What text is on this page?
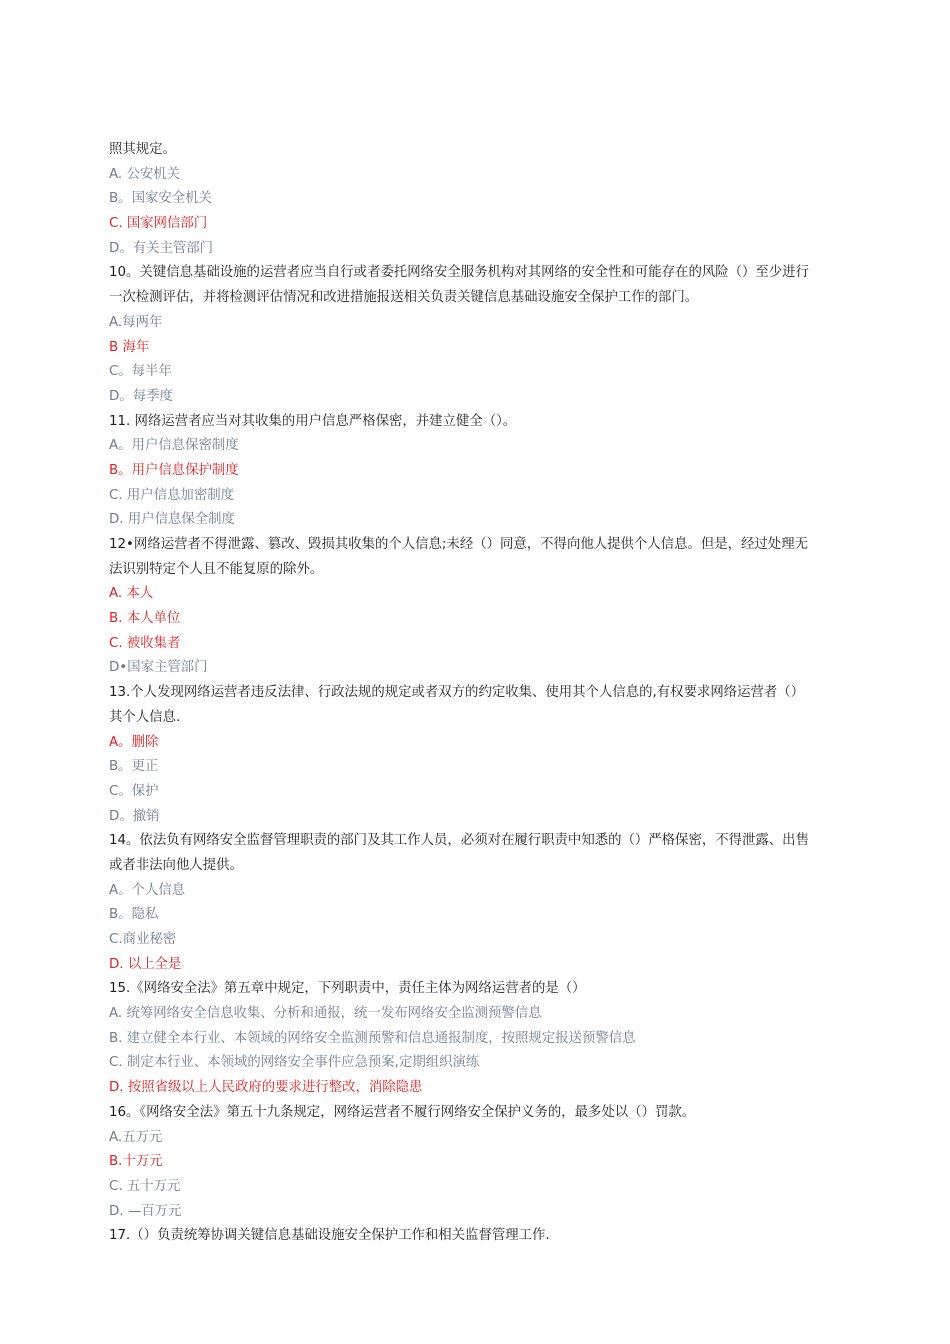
照其规定。
A. 公安机关
B。国家安全机关
C. 国家网信部门
D。有关主管部门
10。关键信息基础设施的运营者应当自行或者委托网络安全服务机构对其网络的安全性和可能存在的风险（）至少进行
一次检测评估，并将检测评估情况和改进措施报送相关负责关键信息基础设施安全保护工作的部门。
A.每两年
B 海年
C。每半年
D。每季度
11. 网络运营者应当对其收集的用户信息严格保密，并建立健全（）。
A。用户信息保密制度
B。用户信息保护制度
C. 用户信息加密制度
D. 用户信息保全制度
12•网络运营者不得泄露、篡改、毁损其收集的个人信息;未经（）同意，不得向他人提供个人信息。但是，经过处理无
法识别特定个人且不能复原的除外。
A. 本人
B. 本人单位
C. 被收集者
D•国家主管部门
13.个人发现网络运营者违反法律、行政法规的规定或者双方的约定收集、使用其个人信息的,有权要求网络运营者（）
其个人信息.
A。删除
B。更正
C。保护
D。撤销
14。依法负有网络安全监督管理职责的部门及其工作人员，必须对在履行职责中知悉的（）严格保密，不得泄露、出售
或者非法向他人提供。
A。个人信息
B。隐私
C.商业秘密
D. 以上全是
15.《网络安全法》第五章中规定，下列职责中，责任主体为网络运营者的是（）
A. 统筹网络安全信息收集、分析和通报，统一发布网络安全监测预警信息
B. 建立健全本行业、本领域的网络安全监测预警和信息通报制度，按照规定报送预警信息
C. 制定本行业、本领域的网络安全事件应急预案,定期组织演练
D. 按照省级以上人民政府的要求进行整改，消除隐患
16。《网络安全法》第五十九条规定，网络运营者不履行网络安全保护义务的，最多处以（）罚款。
A.五万元
B.十万元
C. 五十万元
D. —百万元
17.（）负责统筹协调关键信息基础设施安全保护工作和相关监督管理工作.
